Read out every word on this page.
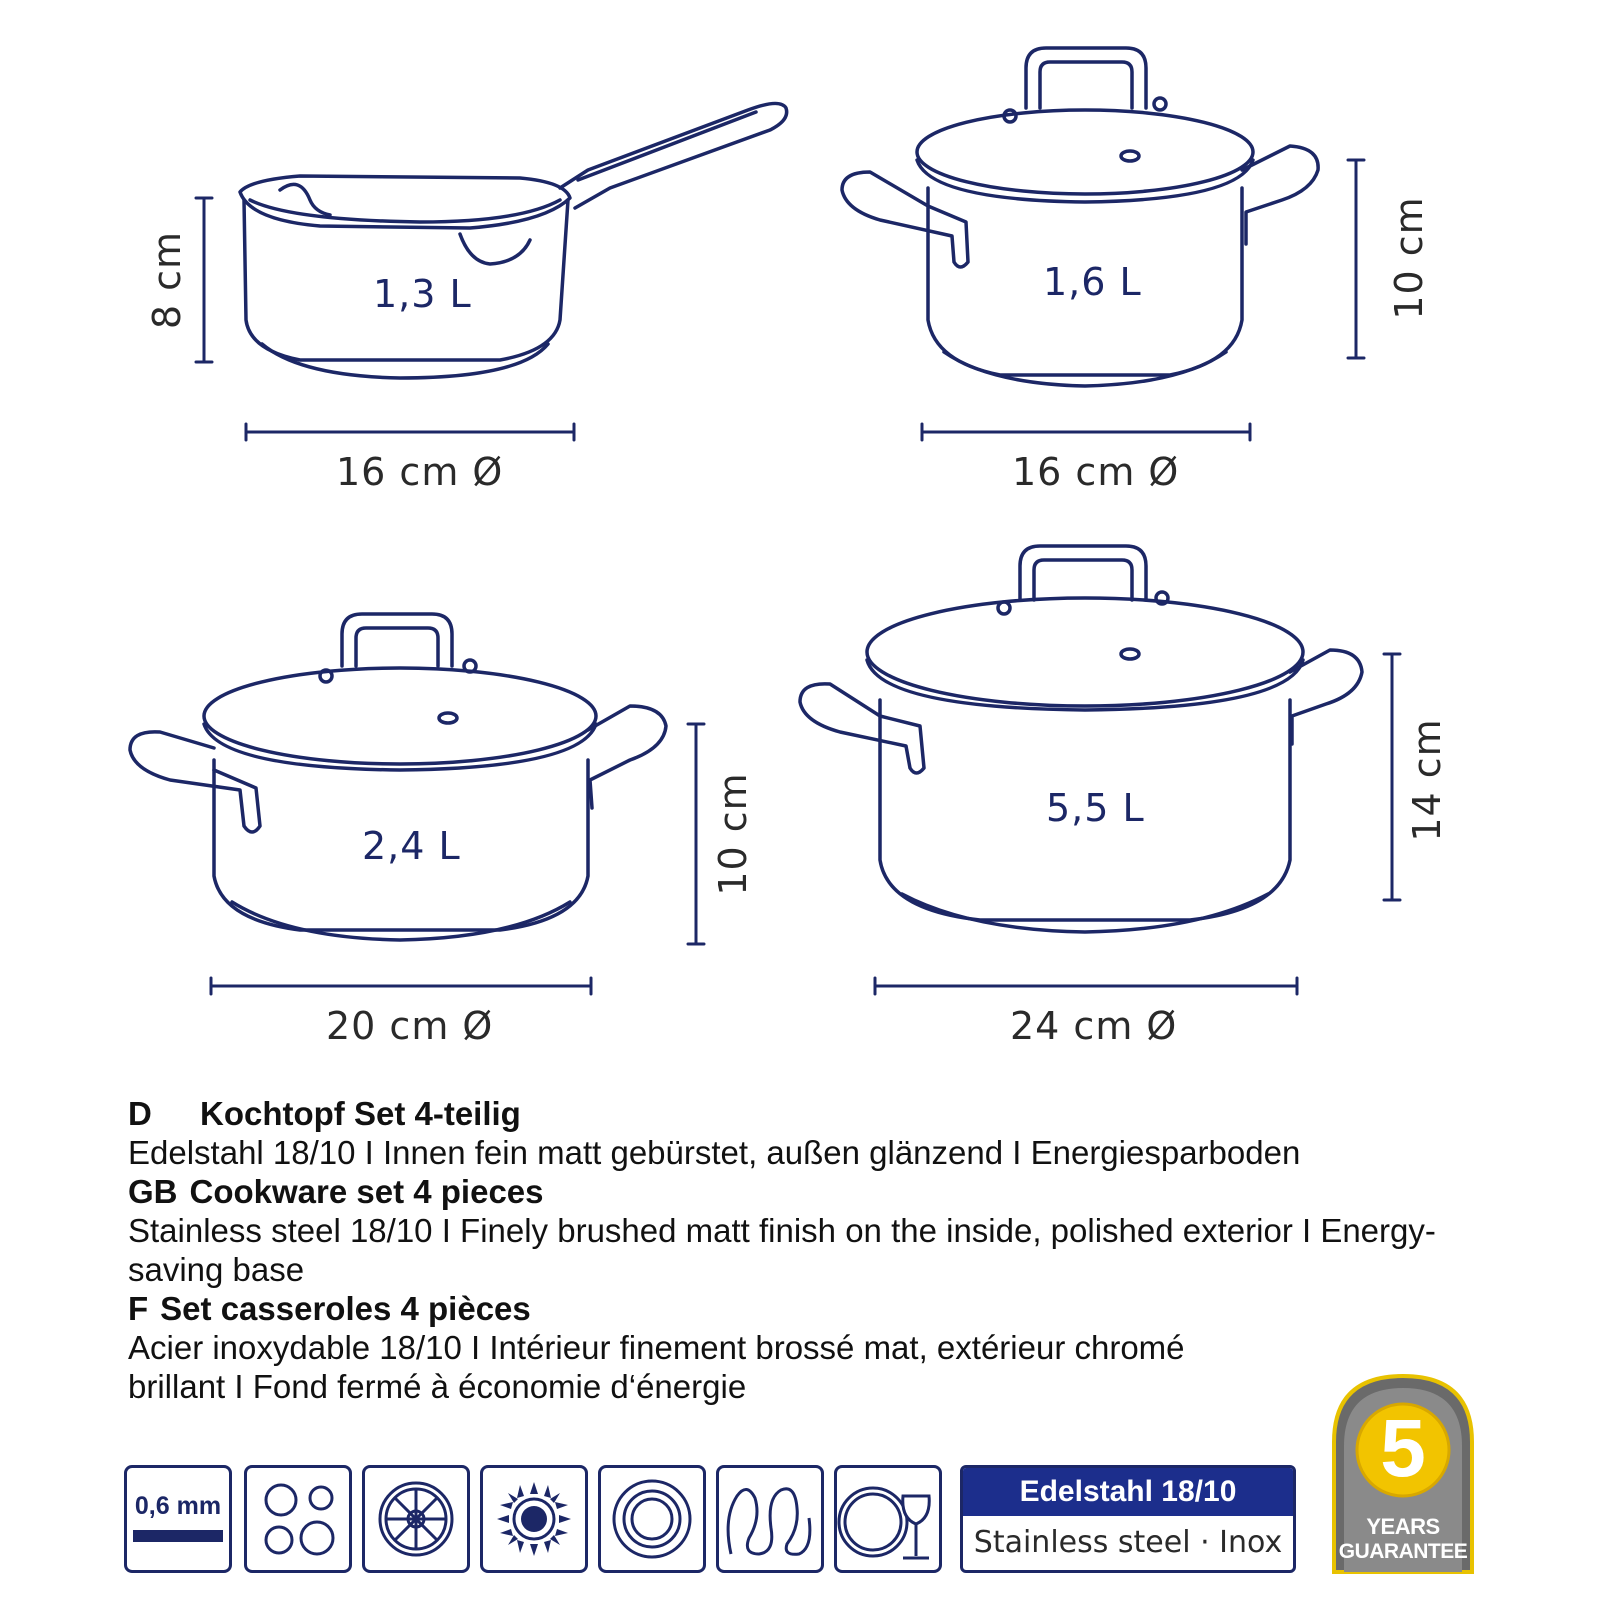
1,3 L	1,6 L
2,4 L
5,5 L
16 cm Ø	16 cm Ø
20 cm Ø	24 cm Ø
8 cm	10 cm
10 cm	14 cm
D Kochtopf Set 4-teilig
Edelstahl 18/10 I Innen fein matt gebürstet, außen glänzend I Energiesparboden
GB Cookware set 4 pieces
Stainless steel 18/10 I Finely brushed matt finish on the inside, polished exterior I Energy-saving base
F Set casseroles 4 pièces
Acier inoxydable 18/10 I Intérieur finement brossé mat, extérieur chromé brillant I Fond fermé à économie d‘énergie
0,6 mm	Edelstahl 18/10
Stainless steel · Inox
5
YEARS
GUARANTEE
